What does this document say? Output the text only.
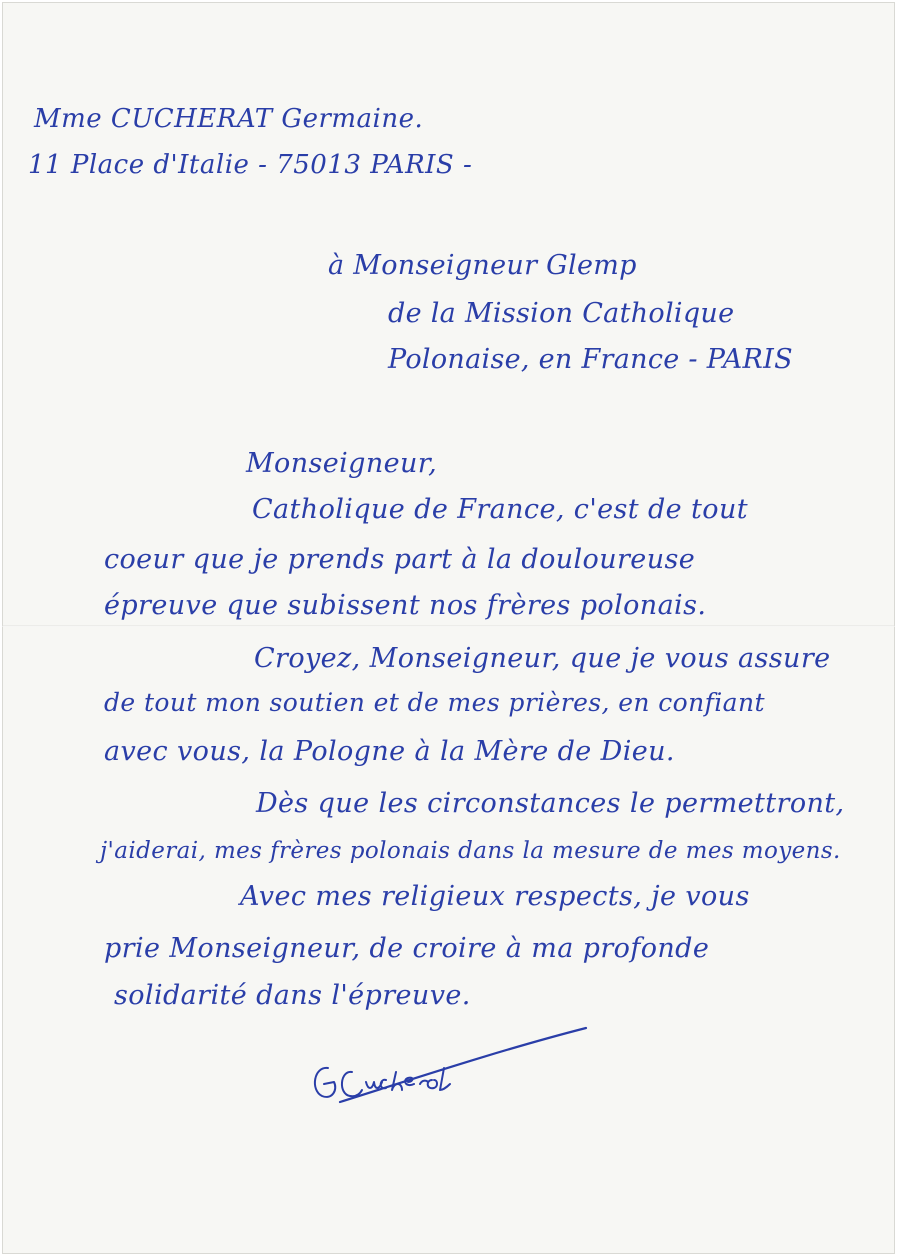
Mme CUCHERAT Germaine.
11 Place d'Italie - 75013 PARIS -
à Monseigneur Glemp
de la Mission Catholique
Polonaise, en France - PARIS
Monseigneur,
Catholique de France, c'est de tout
coeur que je prends part à la douloureuse
épreuve que subissent nos frères polonais.
Croyez, Monseigneur, que je vous assure
de tout mon soutien et de mes prières, en confiant
avec vous, la Pologne à la Mère de Dieu.
Dès que les circonstances le permettront,
j'aiderai, mes frères polonais dans la mesure de mes moyens.
Avec mes religieux respects, je vous
prie Monseigneur, de croire à ma profonde
solidarité dans l'épreuve.
